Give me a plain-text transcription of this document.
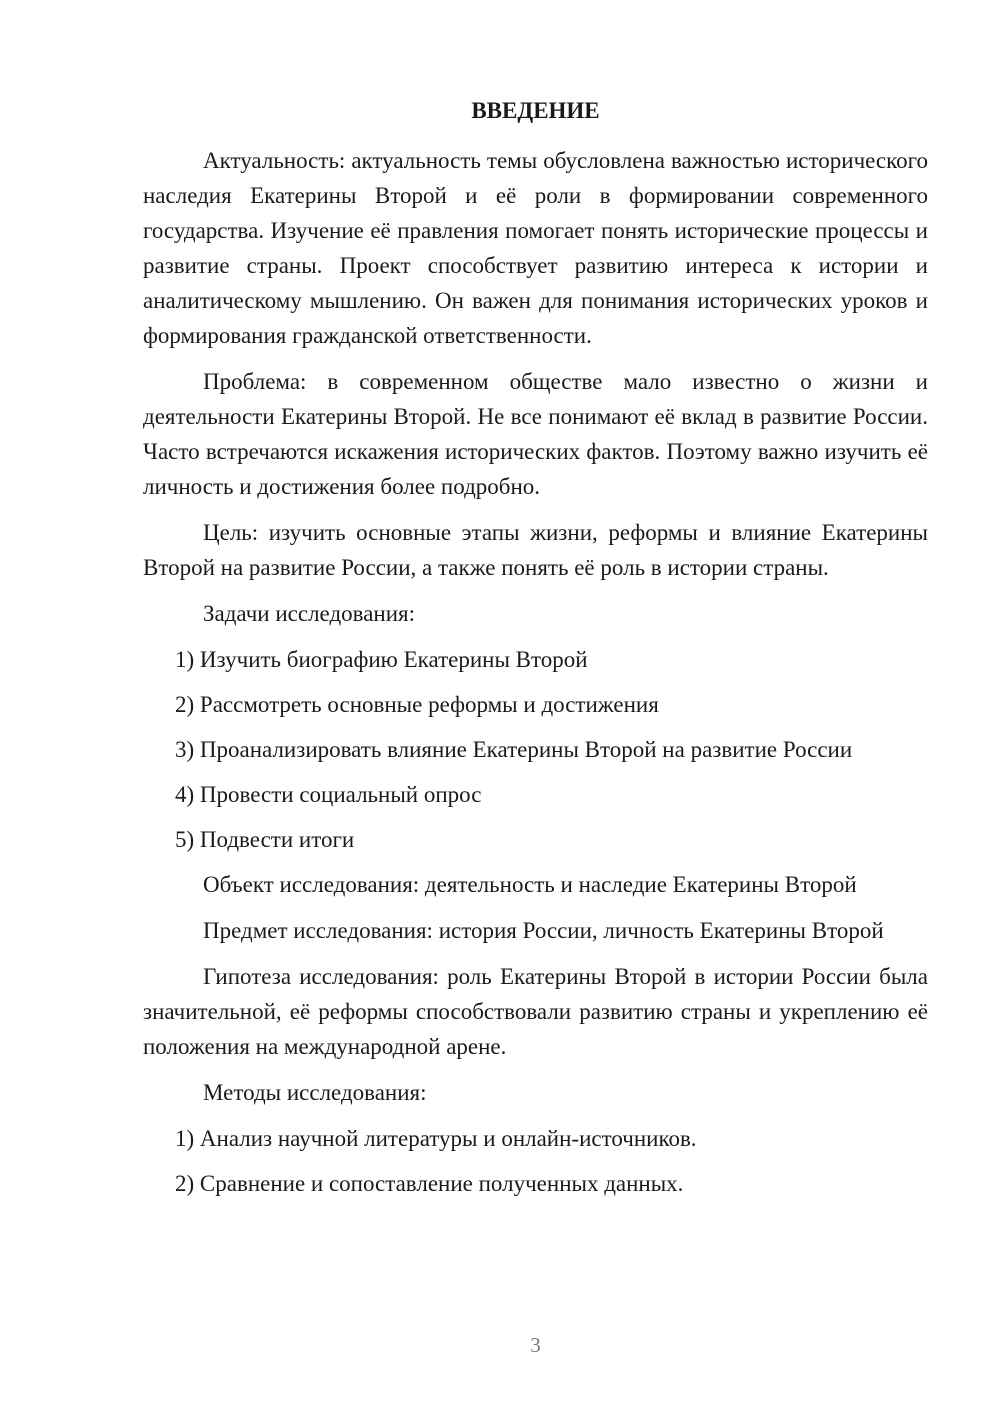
ВВЕДЕНИЕ

Актуальность: актуальность темы обусловлена важностью исторического наследия Екатерины Второй и её роли в формировании современного государства. Изучение её правления помогает понять исторические процессы и развитие страны. Проект способствует развитию интереса к истории и аналитическому мышлению. Он важен для понимания исторических уроков и формирования гражданской ответственности.

Проблема: в современном обществе мало известно о жизни и деятельности Екатерины Второй. Не все понимают её вклад в развитие России. Часто встречаются искажения исторических фактов. Поэтому важно изучить её личность и достижения более подробно.

Цель: изучить основные этапы жизни, реформы и влияние Екатерины Второй на развитие России, а также понять её роль в истории страны.

Задачи исследования:

1) Изучить биографию Екатерины Второй
2) Рассмотреть основные реформы и достижения
3) Проанализировать влияние Екатерины Второй на развитие России
4) Провести социальный опрос
5) Подвести итоги

Объект исследования: деятельность и наследие Екатерины Второй

Предмет исследования: история России, личность Екатерины Второй

Гипотеза исследования: роль Екатерины Второй в истории России была значительной, её реформы способствовали развитию страны и укреплению её положения на международной арене.

Методы исследования:

1) Анализ научной литературы и онлайн-источников.
2) Сравнение и сопоставление полученных данных.
3
